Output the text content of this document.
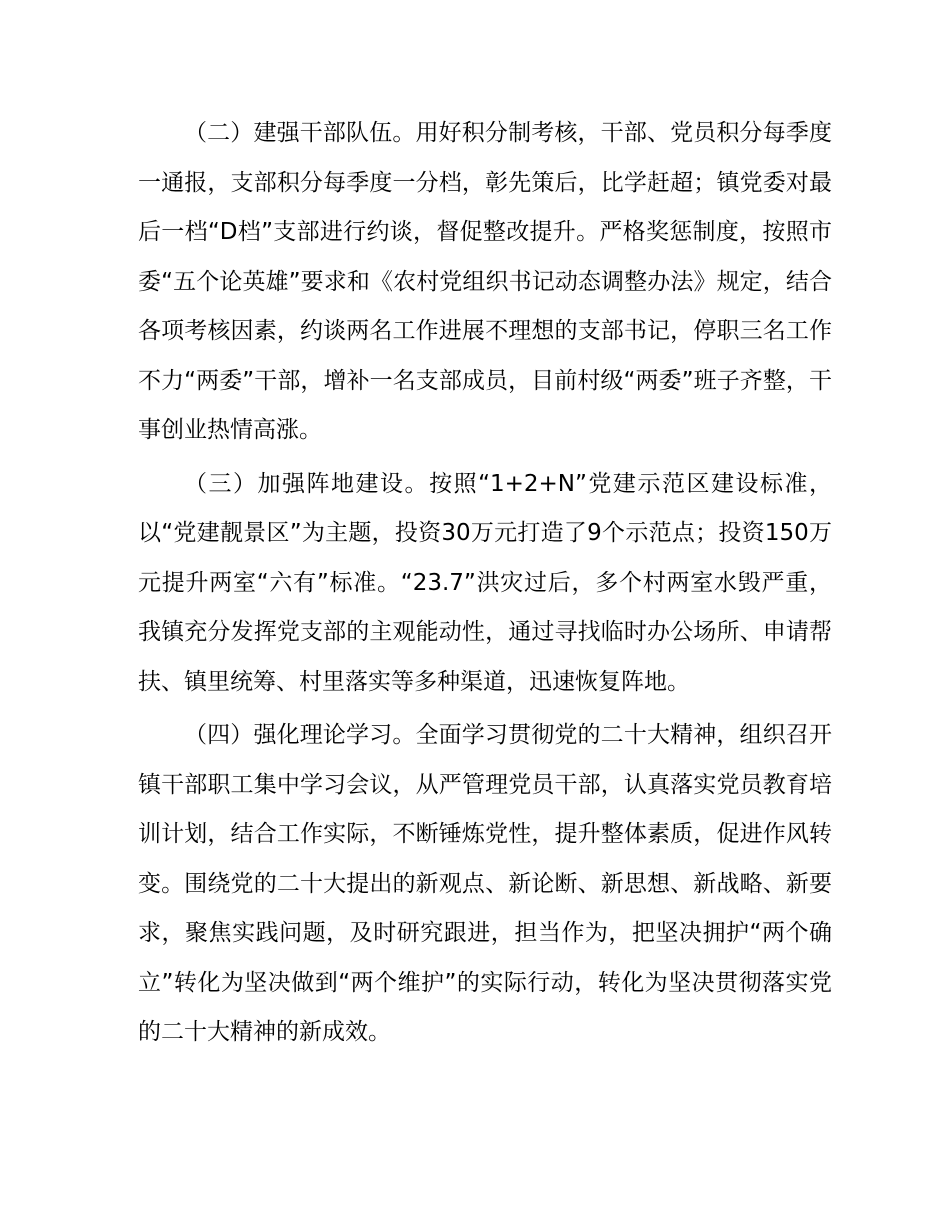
（二）建强干部队伍。用好积分制考核，干部、党员积分每季度一通报，支部积分每季度一分档，彰先策后，比学赶超；镇党委对最后一档“D档”支部进行约谈，督促整改提升。严格奖惩制度，按照市委“五个论英雄”要求和《农村党组织书记动态调整办法》规定，结合各项考核因素，约谈两名工作进展不理想的支部书记，停职三名工作不力“两委”干部，增补一名支部成员，目前村级“两委”班子齐整，干事创业热情高涨。

（三）加强阵地建设。按照“1+2+N”党建示范区建设标准，以“党建靓景区”为主题，投资30万元打造了9个示范点；投资150万元提升两室“六有”标准。“23.7”洪灾过后，多个村两室水毁严重，我镇充分发挥党支部的主观能动性，通过寻找临时办公场所、申请帮扶、镇里统筹、村里落实等多种渠道，迅速恢复阵地。

（四）强化理论学习。全面学习贯彻党的二十大精神，组织召开镇干部职工集中学习会议，从严管理党员干部，认真落实党员教育培训计划，结合工作实际，不断锤炼党性，提升整体素质，促进作风转变。围绕党的二十大提出的新观点、新论断、新思想、新战略、新要求，聚焦实践问题，及时研究跟进，担当作为，把坚决拥护“两个确立”转化为坚决做到“两个维护”的实际行动，转化为坚决贯彻落实党的二十大精神的新成效。
